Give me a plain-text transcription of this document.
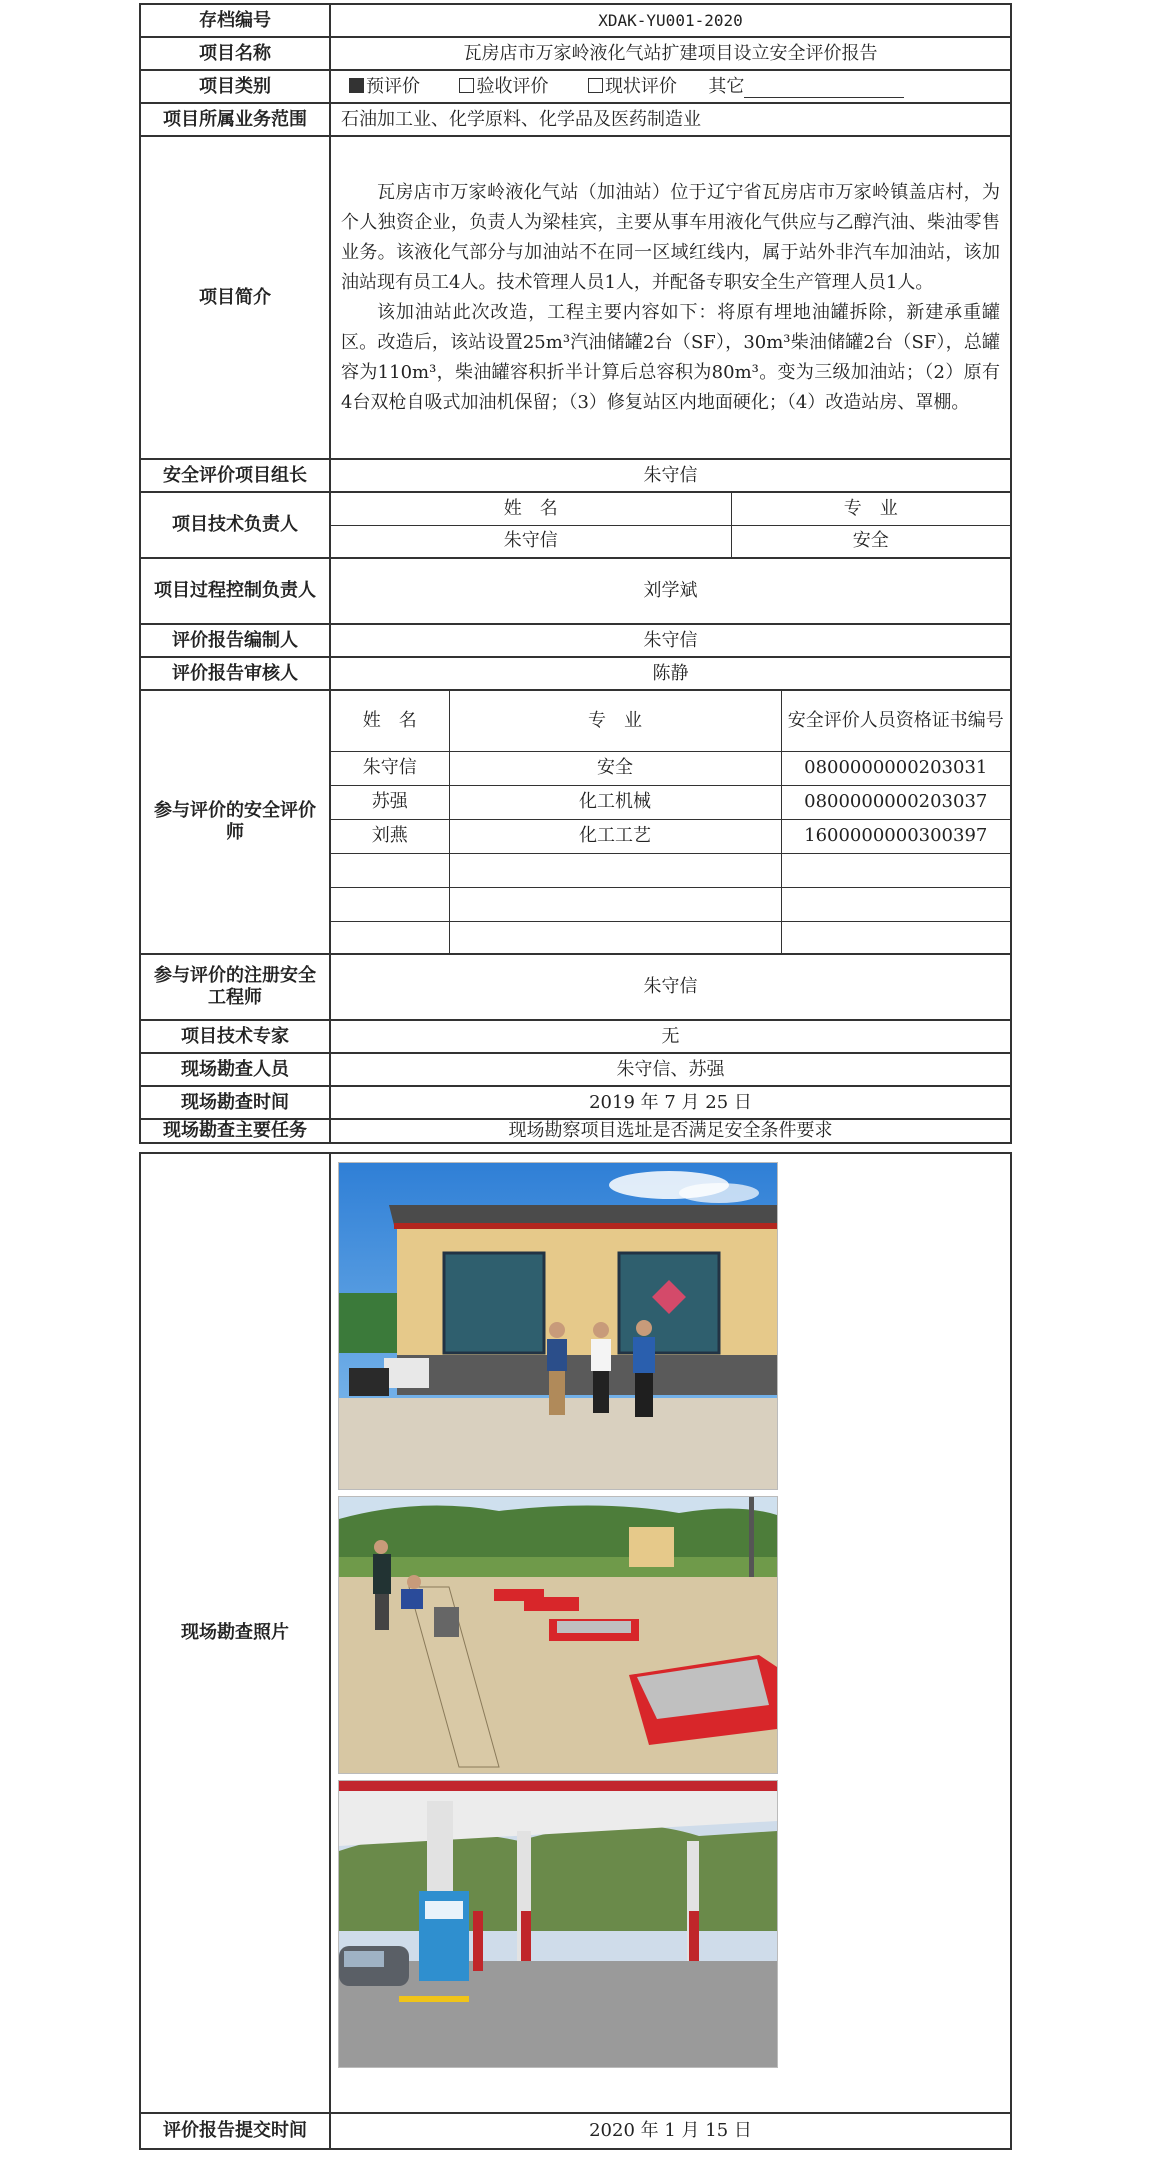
存档编号	XDAK-YU001-2020
项目名称	瓦房店市万家岭液化气站扩建项目设立安全评价报告
项目类别	预评价	验收评价	现状评价 其它
项目所属业务范围	石油加工业、化学原料、化学品及医药制造业
项目简介	

瓦房店市万家岭液化气站（加油站）位于辽宁省瓦房店市万家岭镇盖店村，为个人独资企业，负责人为梁桂宾，主要从事车用液化气供应与乙醇汽油、柴油零售业务。该液化气部分与加油站不在同一区域红线内，属于站外非汽车加油站，该加油站现有员工4人。技术管理人员1人，并配备专职安全生产管理人员1人。

该加油站此次改造，工程主要内容如下：将原有埋地油罐拆除，新建承重罐区。改造后，该站设置25m³汽油储罐2台（SF），30m³柴油储罐2台（SF），总罐容为110m³，柴油罐容积折半计算后总容积为80m³。变为三级加油站；（2）原有4台双枪自吸式加油机保留；（3）修复站区内地面硬化；（4）改造站房、罩棚。

安全评价项目组长	朱守信
项目技术负责人	
姓　名	专　业
朱守信	安全

项目过程控制负责人	刘学斌
评价报告编制人	朱守信
评价报告审核人	陈静
参与评价的安全评价师	
姓　名	专　业	安全评价人员资格证书编号
朱守信	安全	0800000000203031
苏强	化工机械	0800000000203037
刘燕	化工工艺	1600000000300397

参与评价的注册安全工程师	朱守信
项目技术专家	无
现场勘查人员	朱守信、苏强
现场勘查时间	2019 年 7 月 25 日
现场勘查主要任务	现场勘察项目选址是否满足安全条件要求
现场勘查照片	
评价报告提交时间	2020 年 1 月 15 日
